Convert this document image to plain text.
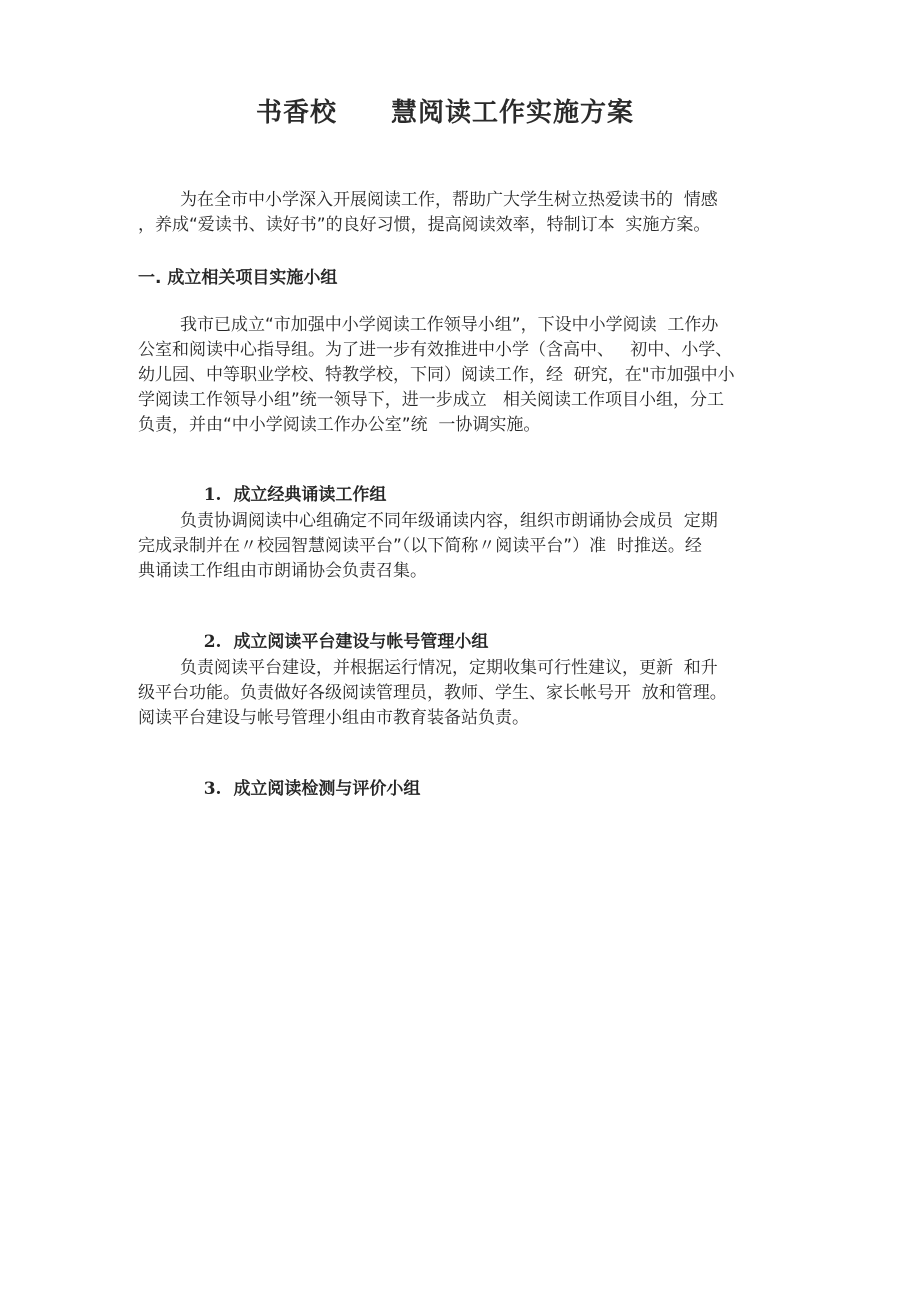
书香校　　慧阅读工作实施方案
为在全市中小学深入开展阅读工作，帮助广大学生树立热爱读书的  情感
，养成“爱读书、读好书”的良好习惯，提高阅读效率，特制订本  实施方案。
一. 成立相关项目实施小组
我市已成立“市加强中小学阅读工作领导小组”，下设中小学阅读  工作办
公室和阅读中心指导组。为了进一步有效推进中小学（含高中、   初中、小学、
幼儿园、中等职业学校、特教学校，下同）阅读工作，经  研究，在"市加强中小
学阅读工作领导小组”统一领导下，进一步成立   相关阅读工作项目小组，分工
负责，并由“中小学阅读工作办公室”统  一协调实施。

1. 成立经典诵读工作组

负责协调阅读中心组确定不同年级诵读内容，组织市朗诵协会成员  定期
完成录制并在〃校园智慧阅读平台”（以下简称〃阅读平台”）准  时推送。经
典诵读工作组由市朗诵协会负责召集。

2. 成立阅读平台建设与帐号管理小组

负责阅读平台建设，并根据运行情况，定期收集可行性建议，更新  和升
级平台功能。负责做好各级阅读管理员，教师、学生、家长帐号开  放和管理。
阅读平台建设与帐号管理小组由市教育装备站负责。

3. 成立阅读检测与评价小组
